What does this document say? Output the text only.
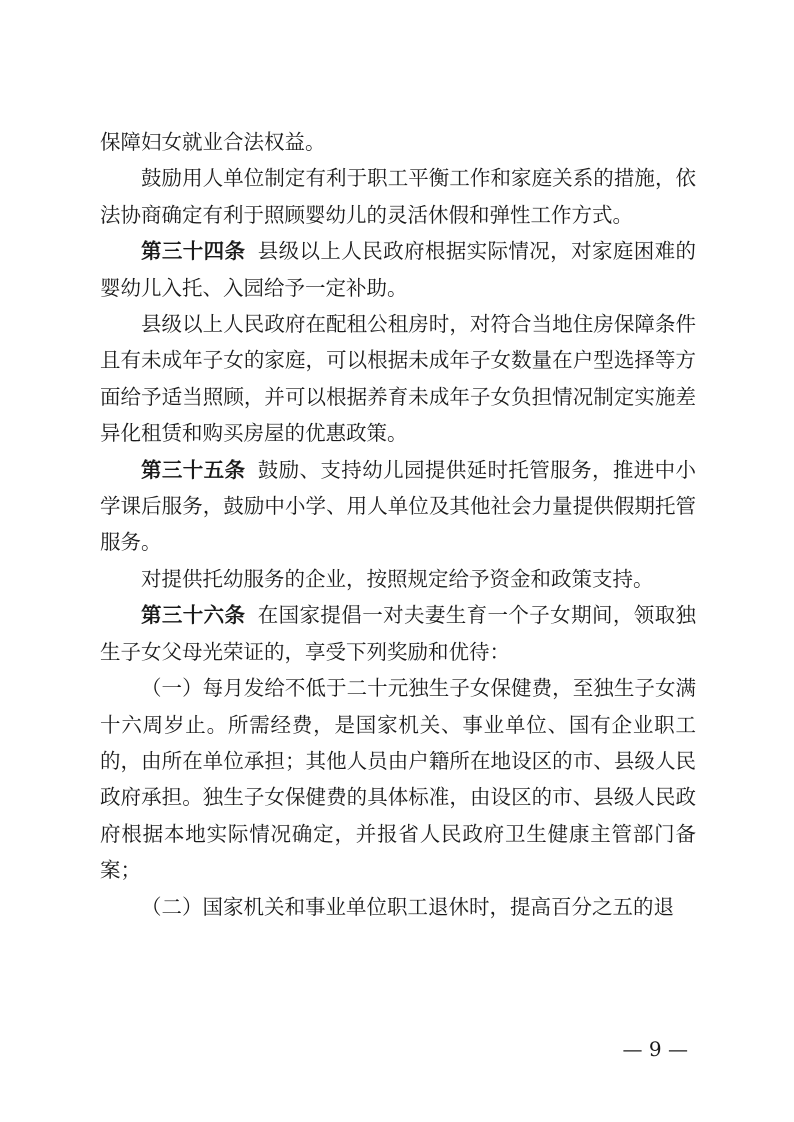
保障妇女就业合法权益。

鼓励用人单位制定有利于职工平衡工作和家庭关系的措施，依法协商确定有利于照顾婴幼儿的灵活休假和弹性工作方式。

第三十四条 县级以上人民政府根据实际情况，对家庭困难的婴幼儿入托、入园给予一定补助。

县级以上人民政府在配租公租房时，对符合当地住房保障条件且有未成年子女的家庭，可以根据未成年子女数量在户型选择等方面给予适当照顾，并可以根据养育未成年子女负担情况制定实施差异化租赁和购买房屋的优惠政策。

第三十五条 鼓励、支持幼儿园提供延时托管服务，推进中小学课后服务，鼓励中小学、用人单位及其他社会力量提供假期托管服务。

对提供托幼服务的企业，按照规定给予资金和政策支持。

第三十六条 在国家提倡一对夫妻生育一个子女期间，领取独生子女父母光荣证的，享受下列奖励和优待：

（一）每月发给不低于二十元独生子女保健费，至独生子女满十六周岁止。所需经费，是国家机关、事业单位、国有企业职工的，由所在单位承担；其他人员由户籍所在地设区的市、县级人民政府承担。独生子女保健费的具体标准，由设区的市、县级人民政府根据本地实际情况确定，并报省人民政府卫生健康主管部门备案；

（二）国家机关和事业单位职工退休时，提高百分之五的退

— 9 —
